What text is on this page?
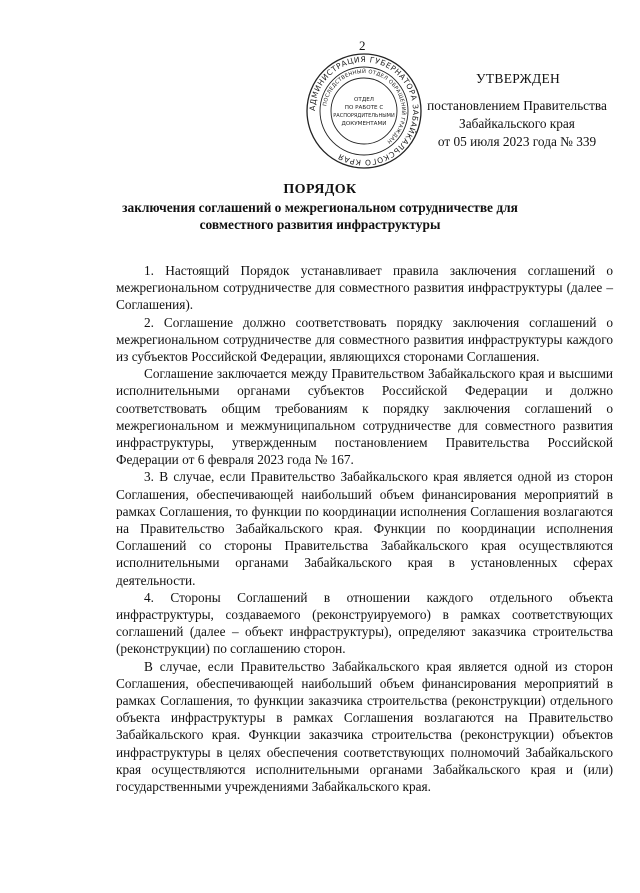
2
АДМИНИСТРАЦИЯ ГУБЕРНАТОРА ЗАБАЙКАЛЬСКОГО КРАЯ
ПОСЛЕДСТВЕННЫЙ ОТДЕЛ ОБРАЩЕНИЙ ГРАЖДАН
ОТДЕЛ
ПО РАБОТЕ С
РАСПОРЯДИТЕЛЬНЫМИ
ДОКУМЕНТАМИ
УТВЕРЖДЕН
постановлением Правительства
Забайкальского края
от 05 июля 2023 года № 339
ПОРЯДОК
заключения соглашений о межрегиональном сотрудничестве для
совместного развития инфраструктуры

1. Настоящий Порядок устанавливает правила заключения соглашений о межрегиональном сотрудничестве для совместного развития инфраструктуры (далее – Соглашения).

2. Соглашение должно соответствовать порядку заключения соглашений о межрегиональном сотрудничестве для совместного развития инфраструктуры каждого из субъектов Российской Федерации, являющихся сторонами Соглашения.

Соглашение заключается между Правительством Забайкальского края и высшими исполнительными органами субъектов Российской Федерации и должно соответствовать общим требованиям к порядку заключения соглашений о межрегиональном и межмуниципальном сотрудничестве для совместного развития инфраструктуры, утвержденным постановлением Правительства Российской Федерации от 6 февраля 2023 года № 167.

3. В случае, если Правительство Забайкальского края является одной из сторон Соглашения, обеспечивающей наибольший объем финансирования мероприятий в рамках Соглашения, то функции по координации исполнения Соглашения возлагаются на Правительство Забайкальского края. Функции по координации исполнения Соглашений со стороны Правительства Забайкальского края осуществляются исполнительными органами Забайкальского края в установленных сферах деятельности.

4. Стороны Соглашений в отношении каждого отдельного объекта инфраструктуры, создаваемого (реконструируемого) в рамках соответствующих соглашений (далее – объект инфраструктуры), определяют заказчика строительства (реконструкции) по соглашению сторон.

В случае, если Правительство Забайкальского края является одной из сторон Соглашения, обеспечивающей наибольший объем финансирования мероприятий в рамках Соглашения, то функции заказчика строительства (реконструкции) отдельного объекта инфраструктуры в рамках Соглашения возлагаются на Правительство Забайкальского края. Функции заказчика строительства (реконструкции) объектов инфраструктуры в целях обеспечения соответствующих полномочий Забайкальского края осуществляются исполнительными органами Забайкальского края и (или) государственными учреждениями Забайкальского края.
